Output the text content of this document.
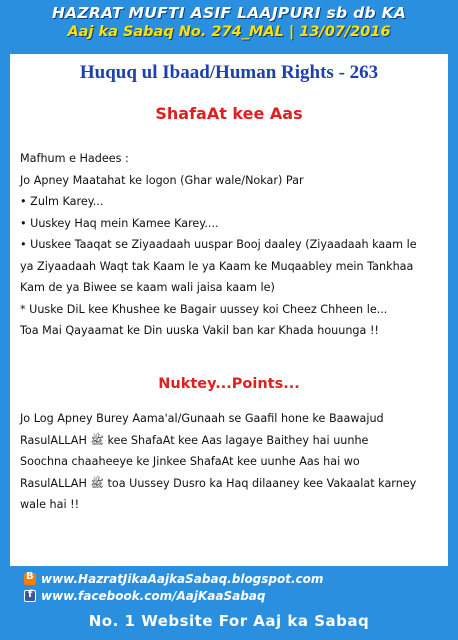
HAZRAT MUFTI ASIF LAAJPURI sb db KA
Aaj ka Sabaq No. 274_MAL | 13/07/2016
Huquq ul Ibaad/Human Rights - 263
ShafaAt kee Aas
Mafhum e Hadees :
Jo Apney Maatahat ke logon (Ghar wale/Nokar) Par
• Zulm Karey...
• Uuskey Haq mein Kamee Karey....
• Uuskee Taaqat se Ziyaadaah uuspar Booj daaley (Ziyaadaah kaam le
ya Ziyaadaah Waqt tak Kaam le ya Kaam ke Muqaabley mein Tankhaa
Kam de ya Biwee se kaam wali jaisa kaam le)
* Uuske DiL kee Khushee ke Bagair uussey koi Cheez Chheen le...
Toa Mai Qayaamat ke Din uuska Vakil ban kar Khada houunga !!
Nuktey...Points...
Jo Log Apney Burey Aama'al/Gunaah se Gaafil hone ke Baawajud
RasulALLAH ﷺ kee ShafaAt kee Aas lagaye Baithey hai uunhe
Soochna chaaheeye ke Jinkee ShafaAt kee uunhe Aas hai wo
RasulALLAH ﷺ toa Uussey Dusro ka Haq dilaaney kee Vakaalat karney
wale hai !!
B
www.HazratJikaAajkaSabaq.blogspot.com
f
www.facebook.com/AajKaaSabaq
No. 1 Website For Aaj ka Sabaq
